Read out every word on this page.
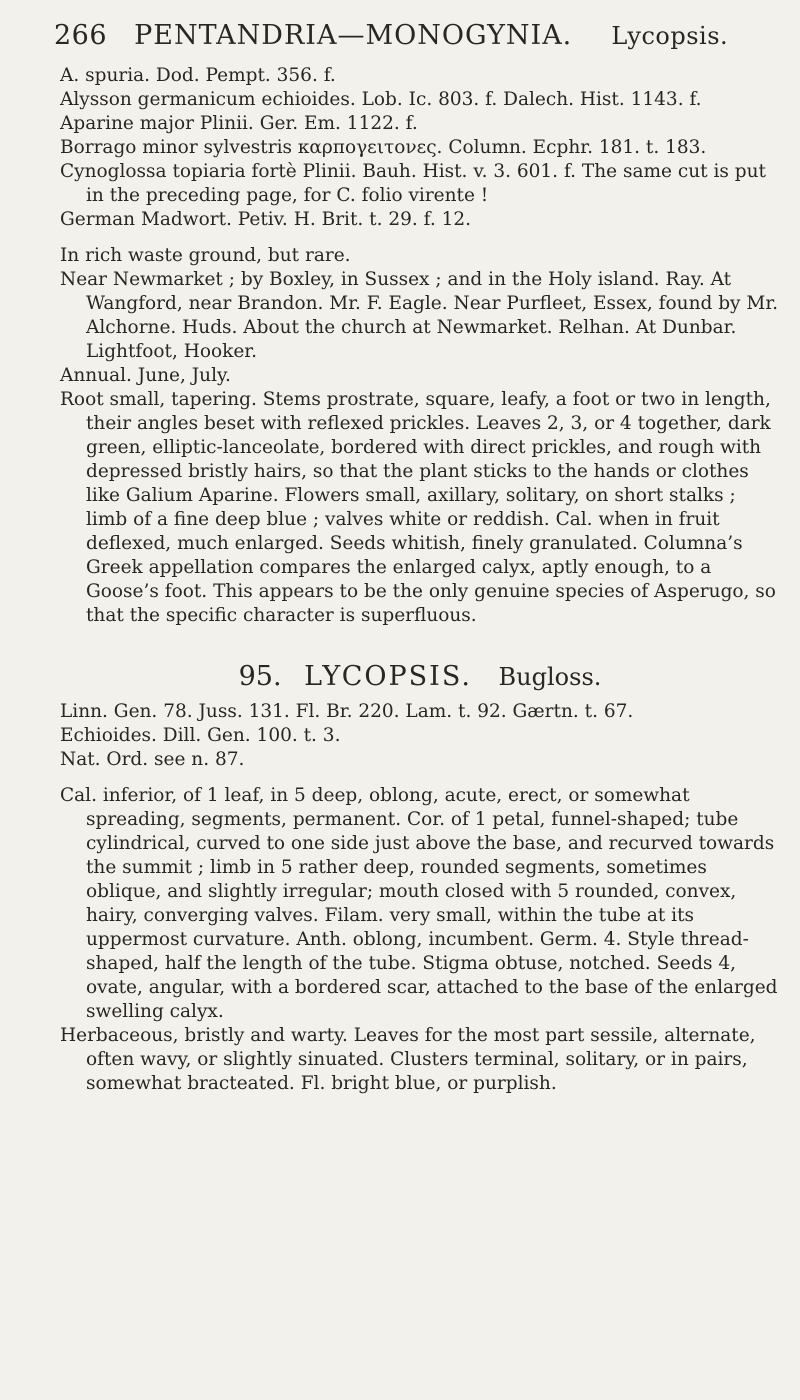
266 PENTANDRIA—MONOGYNIA. Lycopsis.

A. spuria. Dod. Pempt. 356. f.

Alysson germanicum echioides. Lob. Ic. 803. f. Dalech. Hist. 1143. f.

Aparine major Plinii. Ger. Em. 1122. f.

Borrago minor sylvestris καρπογειτονες. Column. Ecphr. 181. t. 183.

Cynoglossa topiaria fortè Plinii. Bauh. Hist. v. 3. 601. f. The same cut is put in the preceding page, for C. folio virente !

German Madwort. Petiv. H. Brit. t. 29. f. 12.

In rich waste ground, but rare.

Near Newmarket ; by Boxley, in Sussex ; and in the Holy island. Ray. At Wangford, near Brandon. Mr. F. Eagle. Near Purfleet, Essex, found by Mr. Alchorne. Huds. About the church at Newmarket. Relhan. At Dunbar. Lightfoot, Hooker.

Annual. June, July.

Root small, tapering. Stems prostrate, square, leafy, a foot or two in length, their angles beset with reflexed prickles. Leaves 2, 3, or 4 together, dark green, elliptic-lanceolate, bordered with direct prickles, and rough with depressed bristly hairs, so that the plant sticks to the hands or clothes like Galium Aparine. Flowers small, axillary, solitary, on short stalks ; limb of a fine deep blue ; valves white or reddish. Cal. when in fruit deflexed, much enlarged. Seeds whitish, finely granulated. Columna’s Greek appellation compares the enlarged calyx, aptly enough, to a Goose’s foot. This appears to be the only genuine species of Asperugo, so that the specific character is superfluous.

95. LYCOPSIS. Bugloss.

Linn. Gen. 78. Juss. 131. Fl. Br. 220. Lam. t. 92. Gærtn. t. 67.

Echioides. Dill. Gen. 100. t. 3.

Nat. Ord. see n. 87.

Cal. inferior, of 1 leaf, in 5 deep, oblong, acute, erect, or somewhat spreading, segments, permanent. Cor. of 1 petal, funnel-shaped; tube cylindrical, curved to one side just above the base, and recurved towards the summit ; limb in 5 rather deep, rounded segments, sometimes oblique, and slightly irregular; mouth closed with 5 rounded, convex, hairy, converging valves. Filam. very small, within the tube at its uppermost curvature. Anth. oblong, incumbent. Germ. 4. Style thread-shaped, half the length of the tube. Stigma obtuse, notched. Seeds 4, ovate, angular, with a bordered scar, attached to the base of the enlarged swelling calyx.

Herbaceous, bristly and warty. Leaves for the most part sessile, alternate, often wavy, or slightly sinuated. Clusters terminal, solitary, or in pairs, somewhat bracteated. Fl. bright blue, or purplish.
